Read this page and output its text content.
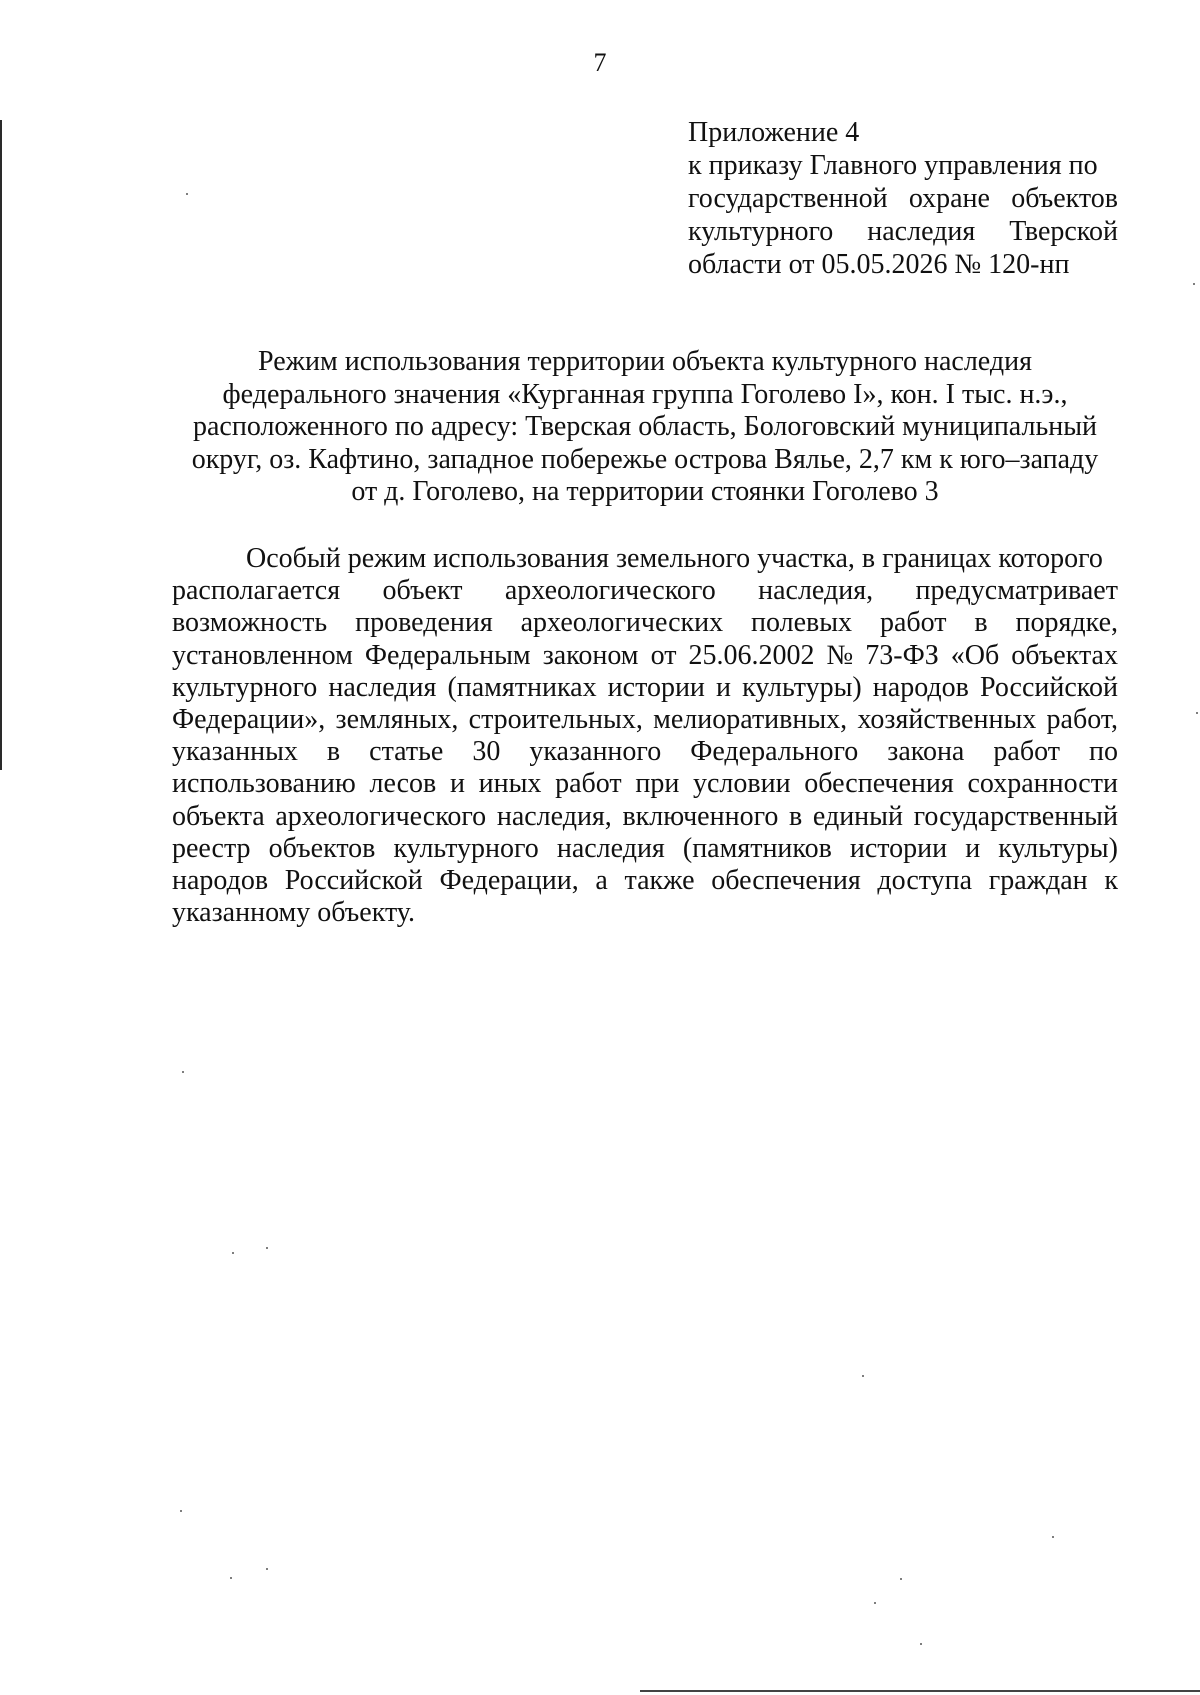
7
Приложение 4
к приказу Главного управления по
государственной охране объектов
культурного наследия Тверской
области от 05.05.2026 № 120-нп
Режим использования территории объекта культурного наследия
федерального значения «Курганная группа Гоголево I», кон. I тыс. н.э.,
расположенного по адресу: Тверская область, Бологовский муниципальный
округ, оз. Кафтино, западное побережье острова Вялье, 2,7 км к юго–западу
от д. Гоголево, на территории стоянки Гоголево 3
Особый режим использования земельного участка, в границах которого
располагается объект археологического наследия, предусматривает
возможность проведения археологических полевых работ в порядке,
установленном Федеральным законом от 25.06.2002 № 73-ФЗ «Об объектах
культурного наследия (памятниках истории и культуры) народов Российской
Федерации», земляных, строительных, мелиоративных, хозяйственных работ,
указанных в статье 30 указанного Федерального закона работ по
использованию лесов и иных работ при условии обеспечения сохранности
объекта археологического наследия, включенного в единый государственный
реестр объектов культурного наследия (памятников истории и культуры)
народов Российской Федерации, а также обеспечения доступа граждан к
указанному объекту.
